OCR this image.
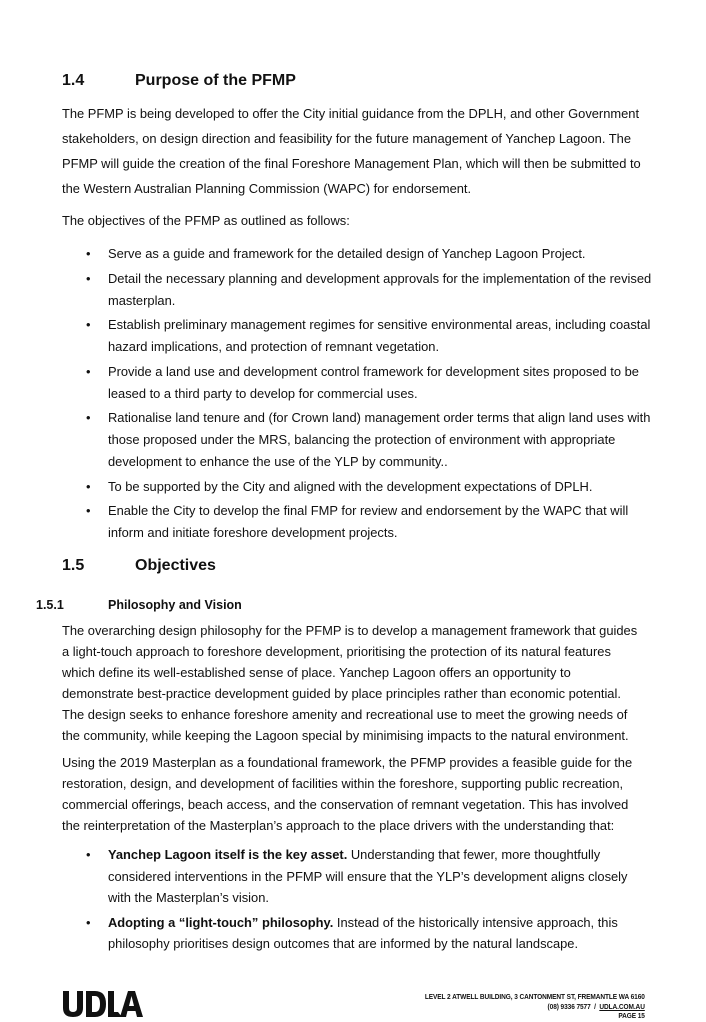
1.4	Purpose of the PFMP
The PFMP is being developed to offer the City initial guidance from the DPLH, and other Government stakeholders, on design direction and feasibility for the future management of Yanchep Lagoon. The PFMP will guide the creation of the final Foreshore Management Plan, which will then be submitted to the Western Australian Planning Commission (WAPC) for endorsement.
The objectives of the PFMP as outlined as follows:
• Serve as a guide and framework for the detailed design of Yanchep Lagoon Project.
• Detail the necessary planning and development approvals for the implementation of the revised masterplan.
• Establish preliminary management regimes for sensitive environmental areas, including coastal hazard implications, and protection of remnant vegetation.
• Provide a land use and development control framework for development sites proposed to be leased to a third party to develop for commercial uses.
• Rationalise land tenure and (for Crown land) management order terms that align land uses with those proposed under the MRS, balancing the protection of environment with appropriate development to enhance the use of the YLP by community..
• To be supported by the City and aligned with the development expectations of DPLH.
• Enable the City to develop the final FMP for review and endorsement by the WAPC that will inform and initiate foreshore development projects.
1.5	Objectives
1.5.1	Philosophy and Vision
The overarching design philosophy for the PFMP is to develop a management framework that guides a light-touch approach to foreshore development, prioritising the protection of its natural features which define its well-established sense of place. Yanchep Lagoon offers an opportunity to demonstrate best-practice development guided by place principles rather than economic potential. The design seeks to enhance foreshore amenity and recreational use to meet the growing needs of the community, while keeping the Lagoon special by minimising impacts to the natural environment.
Using the 2019 Masterplan as a foundational framework, the PFMP provides a feasible guide for the restoration, design, and development of facilities within the foreshore, supporting public recreation, commercial offerings, beach access, and the conservation of remnant vegetation. This has involved the reinterpretation of the Masterplan’s approach to the place drivers with the understanding that:
• Yanchep Lagoon itself is the key asset. Understanding that fewer, more thoughtfully considered interventions in the PFMP will ensure that the YLP’s development aligns closely with the Masterplan’s vision.
• Adopting a “light-touch” philosophy. Instead of the historically intensive approach, this philosophy prioritises design outcomes that are informed by the natural landscape.
LEVEL 2 ATWELL BUILDING, 3 CANTONMENT ST, FREMANTLE WA 6160
(08) 9336 7577 / UDLA.COM.AU
PAGE 15
